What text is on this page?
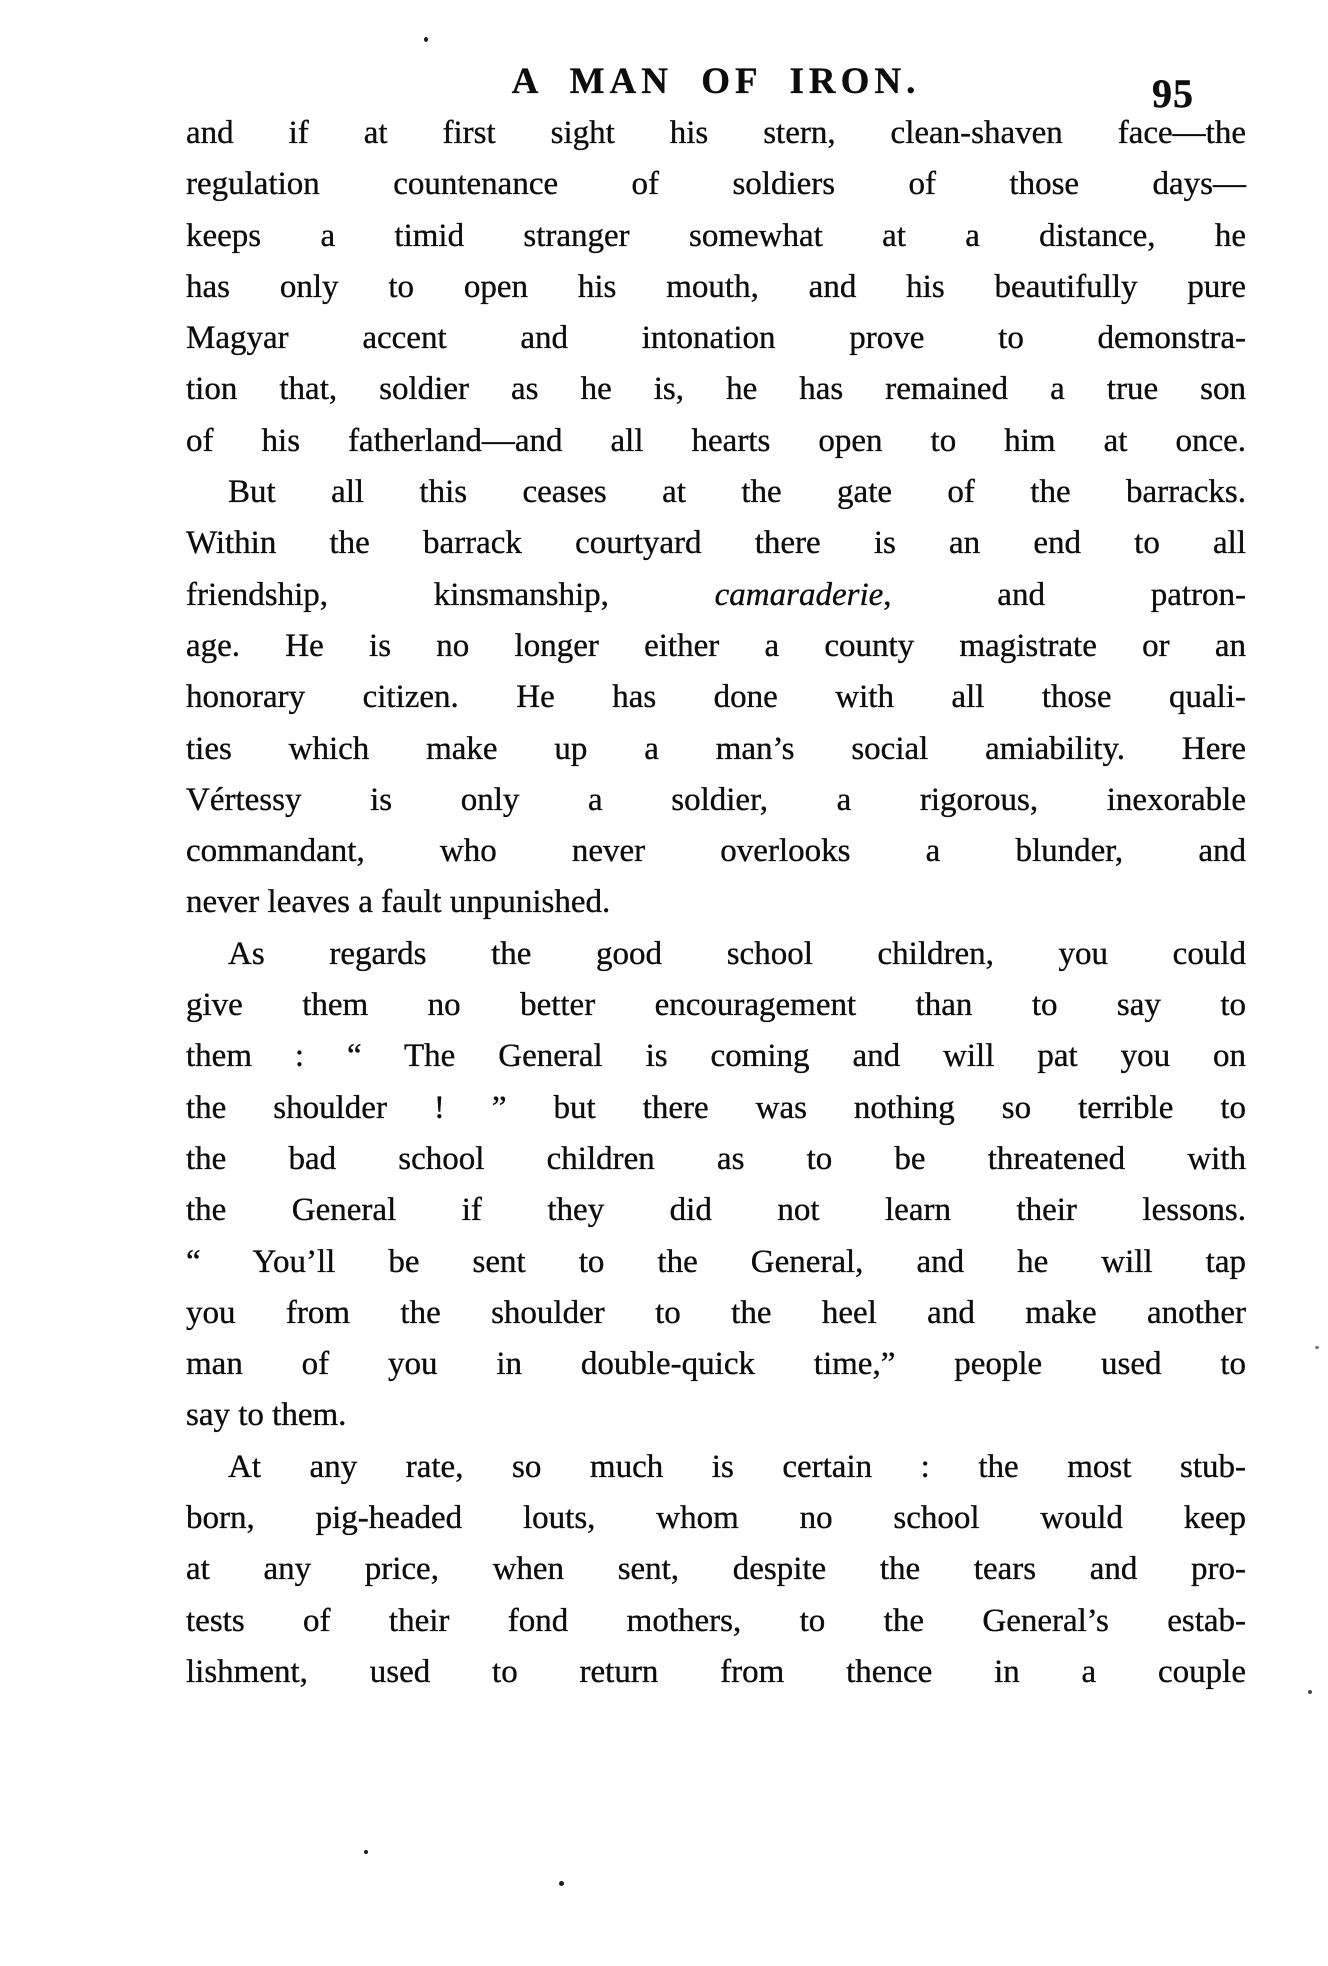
A MAN OF IRON.	95
and if at first sight his stern, clean-shaven face—the
regulation countenance of soldiers of those days—
keeps a timid stranger somewhat at a distance, he
has only to open his mouth, and his beautifully pure
Magyar accent and intonation prove to demonstra-
tion that, soldier as he is, he has remained a true son
of his fatherland—and all hearts open to him at once.
But all this ceases at the gate of the barracks.
Within the barrack courtyard there is an end to all
friendship, kinsmanship, camaraderie, and patron-
age. He is no longer either a county magistrate or an
honorary citizen. He has done with all those quali-
ties which make up a man’s social amiability. Here
Vértessy is only a soldier, a rigorous, inexorable
commandant, who never overlooks a blunder, and
never leaves a fault unpunished.
As regards the good school children, you could
give them no better encouragement than to say to
them : “ The General is coming and will pat you on
the shoulder ! ” but there was nothing so terrible to
the bad school children as to be threatened with
the General if they did not learn their lessons.
“ You’ll be sent to the General, and he will tap
you from the shoulder to the heel and make another
man of you in double-quick time,” people used to
say to them.
At any rate, so much is certain : the most stub-
born, pig-headed louts, whom no school would keep
at any price, when sent, despite the tears and pro-
tests of their fond mothers, to the General’s estab-
lishment, used to return from thence in a couple
